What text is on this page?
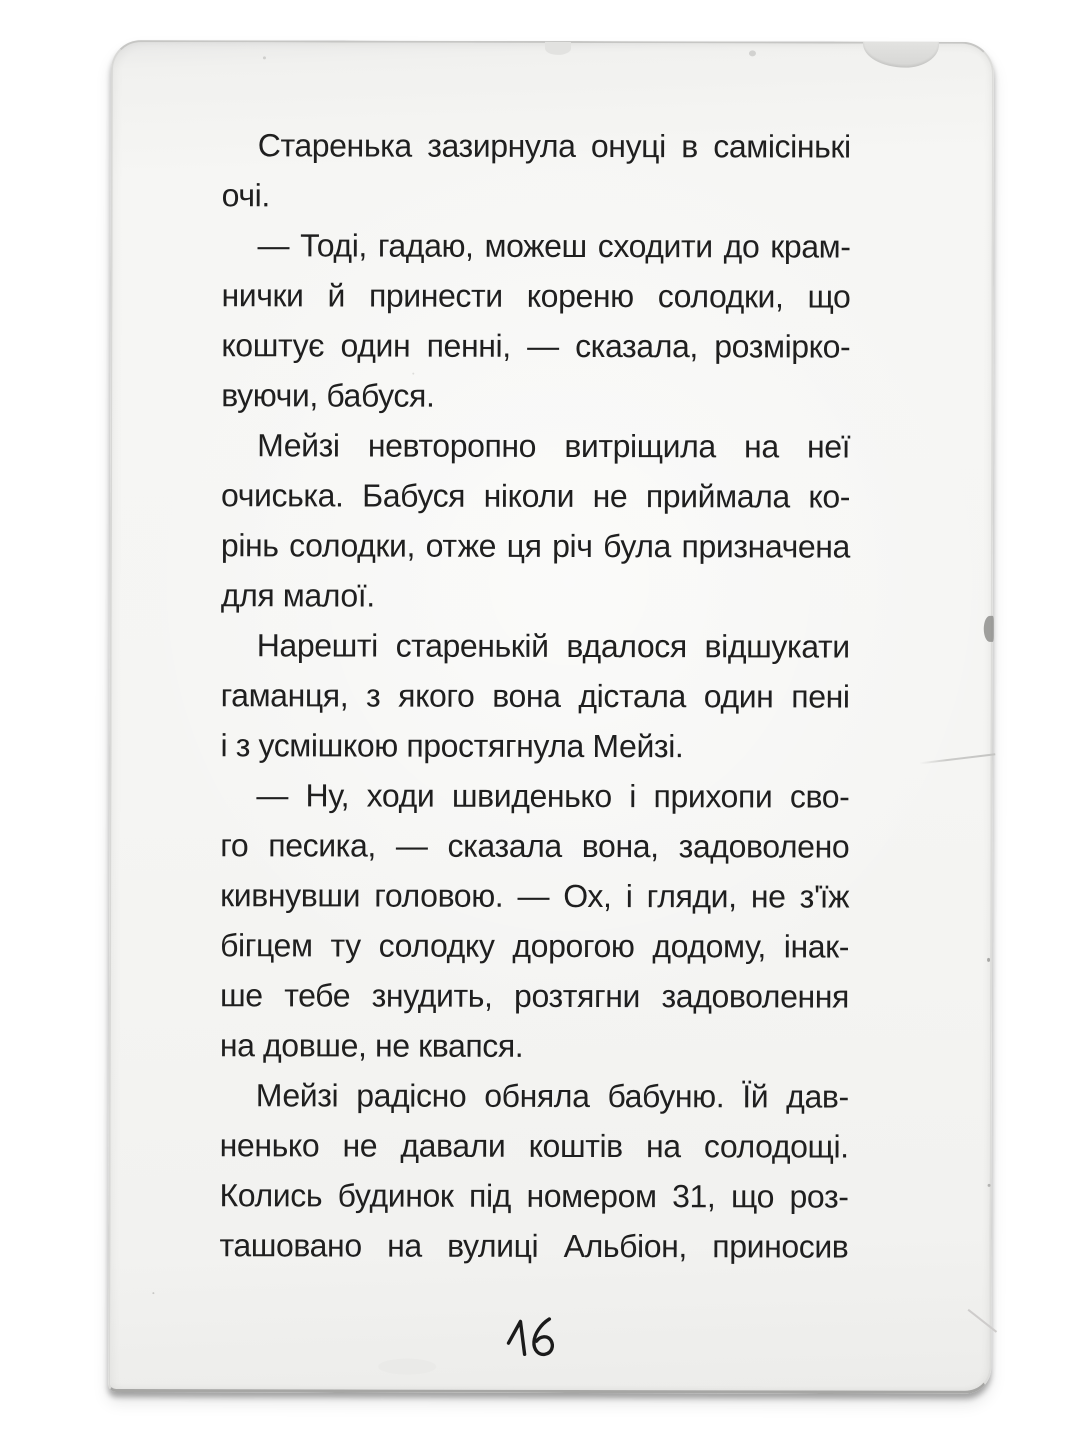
Старенька зазирнула онуці в самісінькі
очі.
— Тоді, гадаю, можеш сходити до крам-
нички й принести кореню солодки, що
коштує один пенні, — сказала, розмірко-
вуючи, бабуся.
Мейзі невторопно витріщила на неї
очиська. Бабуся ніколи не приймала ко-
рінь солодки, отже ця річ була призначена
для малої.
Нарешті старенькій вдалося відшукати
гаманця, з якого вона дістала один пені
і з усмішкою простягнула Мейзі.
— Ну, ходи швиденько і прихопи сво-
го песика, — сказала вона, задоволено
кивнувши головою. — Ох, і гляди, не з'їж
бігцем ту солодку дорогою додому, інак-
ше тебе знудить, розтягни задоволення
на довше, не квапся.
Мейзі радісно обняла бабуню. Їй дав-
ненько не давали коштів на солодощі.
Колись будинок під номером 31, що роз-
ташовано на вулиці Альбіон, приносив
